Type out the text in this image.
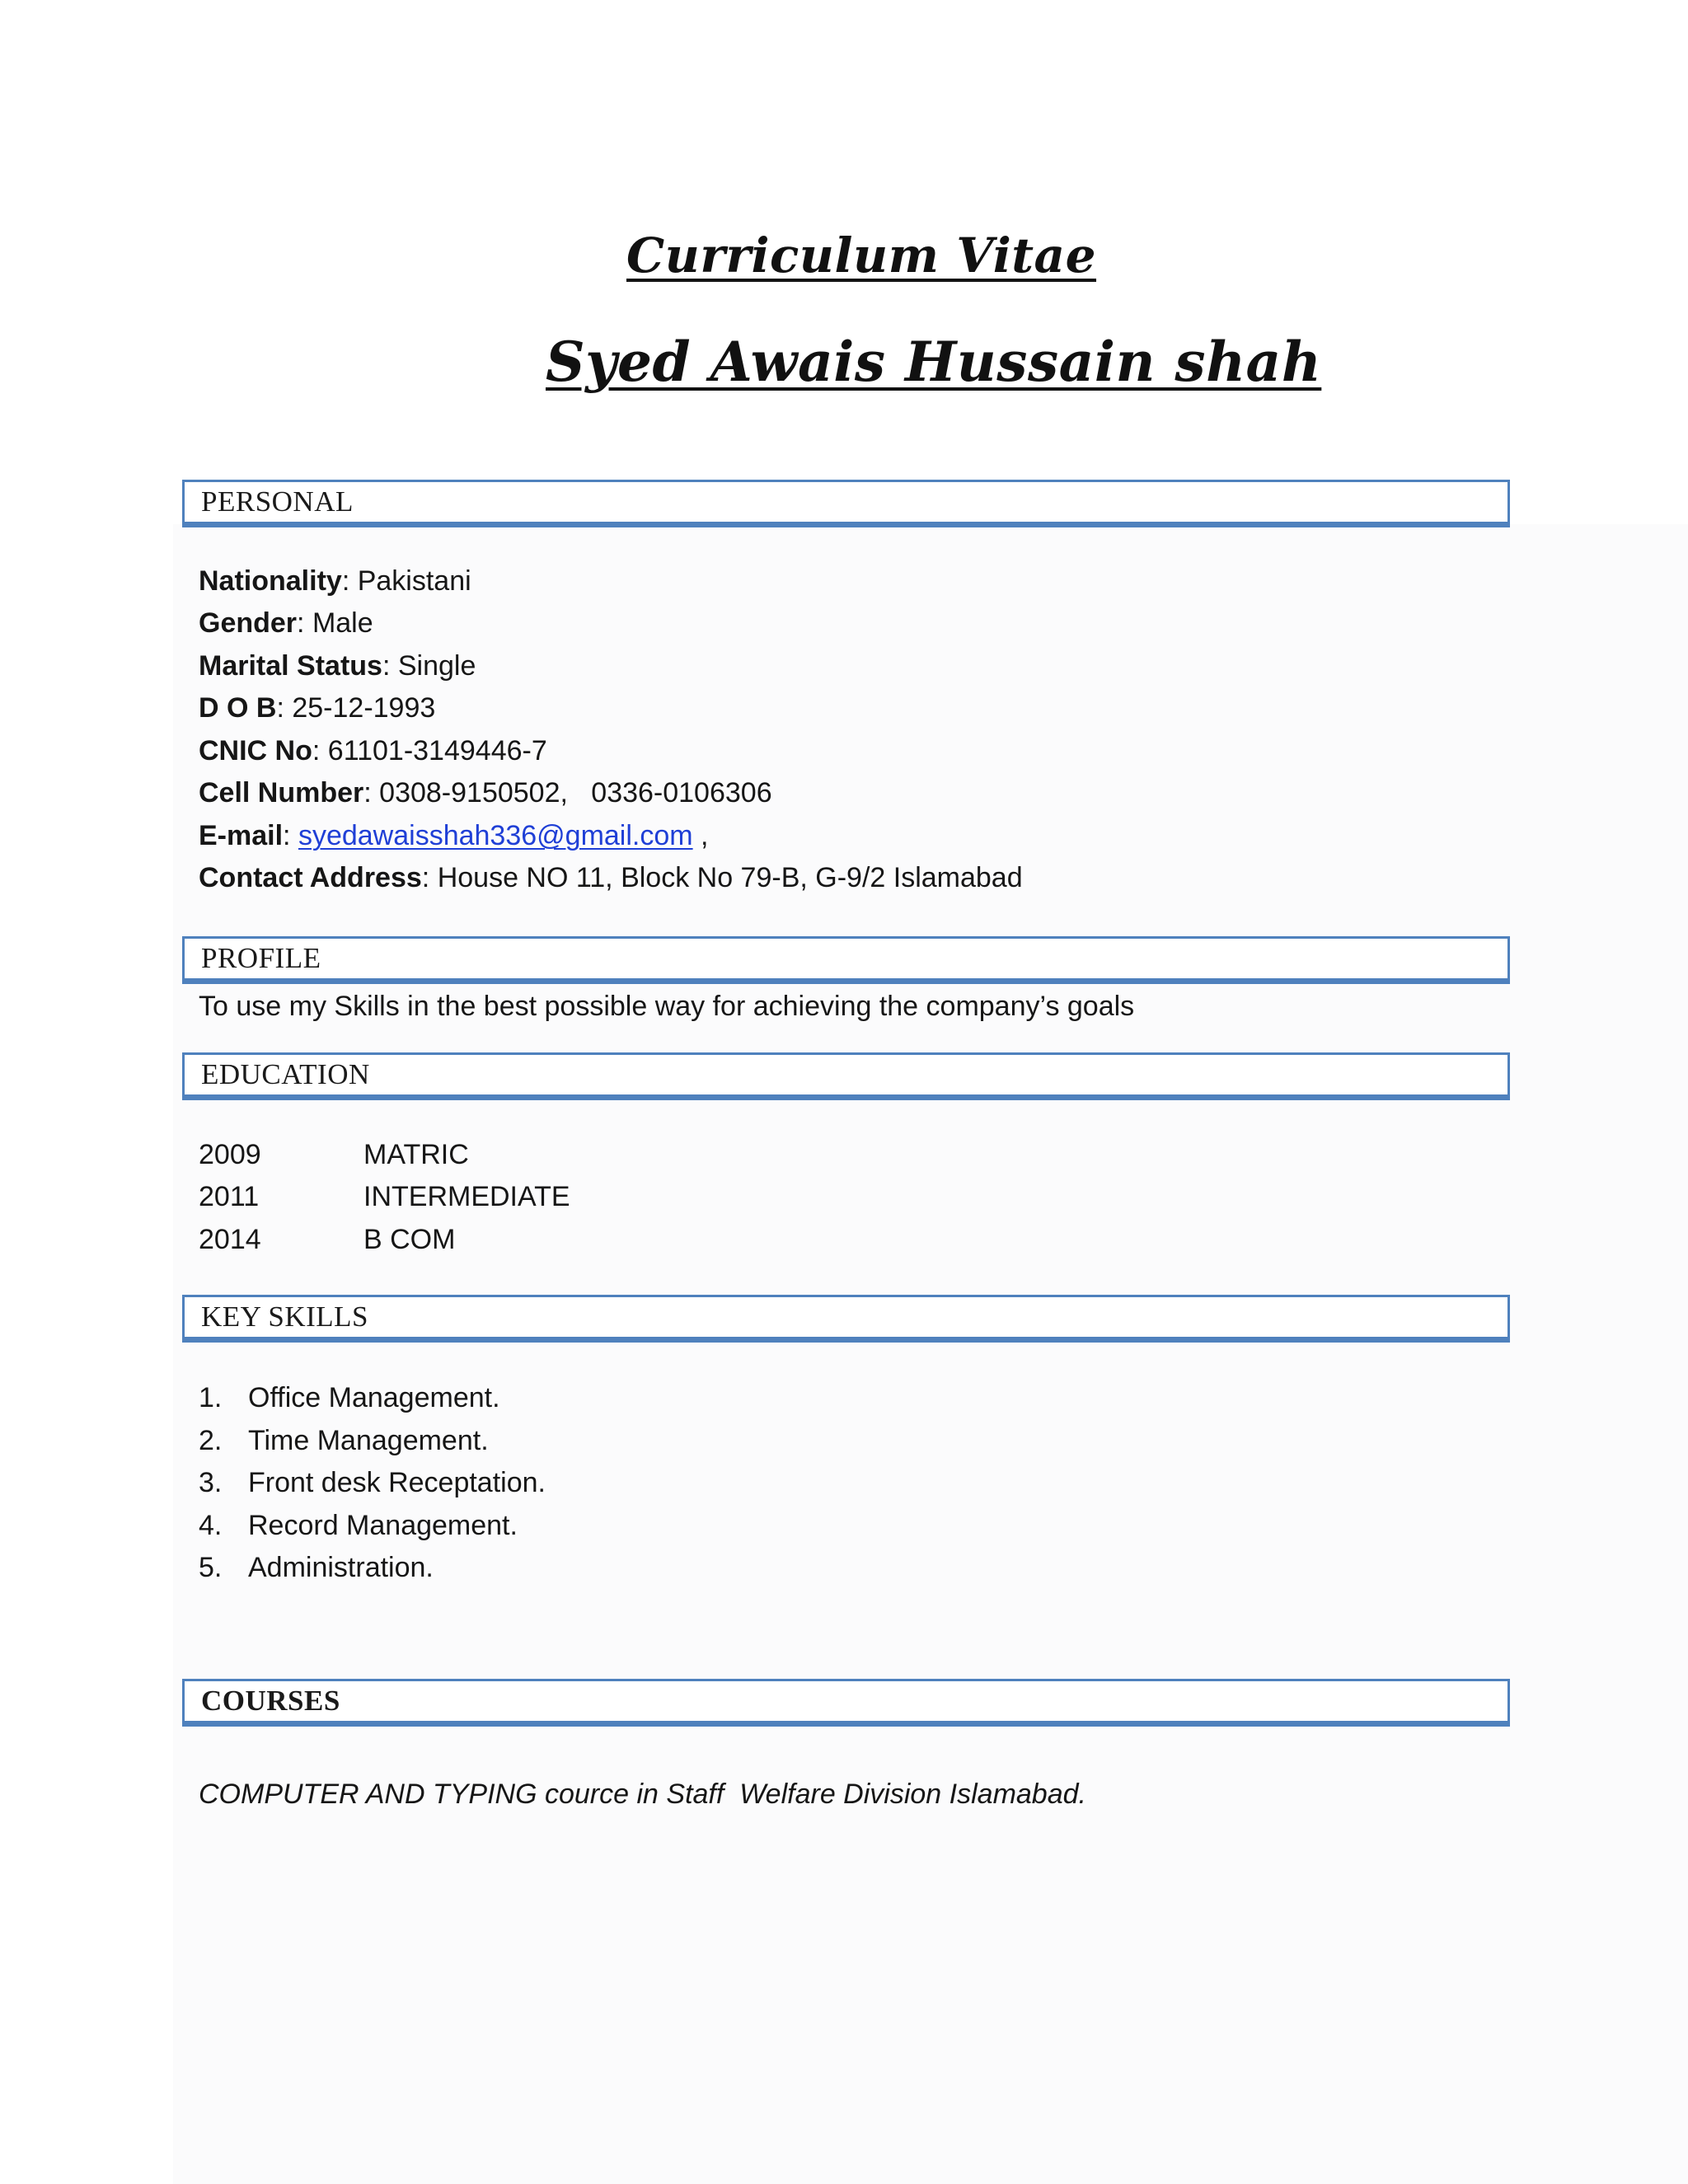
Curriculum Vitae
Syed Awais Hussain shah
PERSONAL
Nationality: Pakistani
Gender: Male
Marital Status: Single
D O B: 25-12-1993
CNIC No: 61101-3149446-7
Cell Number: 0308-9150502,   0336-0106306
E-mail: syedawaisshah336@gmail.com ,
Contact Address: House NO 11, Block No 79-B, G-9/2 Islamabad
PROFILE
To use my Skills in the best possible way for achieving the company’s goals
EDUCATION
2009	MATRIC
2011	INTERMEDIATE
2014	B COM
KEY SKILLS
1. Office Management.
2. Time Management.
3. Front desk Receptation.
4. Record Management.
5. Administration.
COURSES
COMPUTER AND TYPING cource in Staff  Welfare Division Islamabad.
